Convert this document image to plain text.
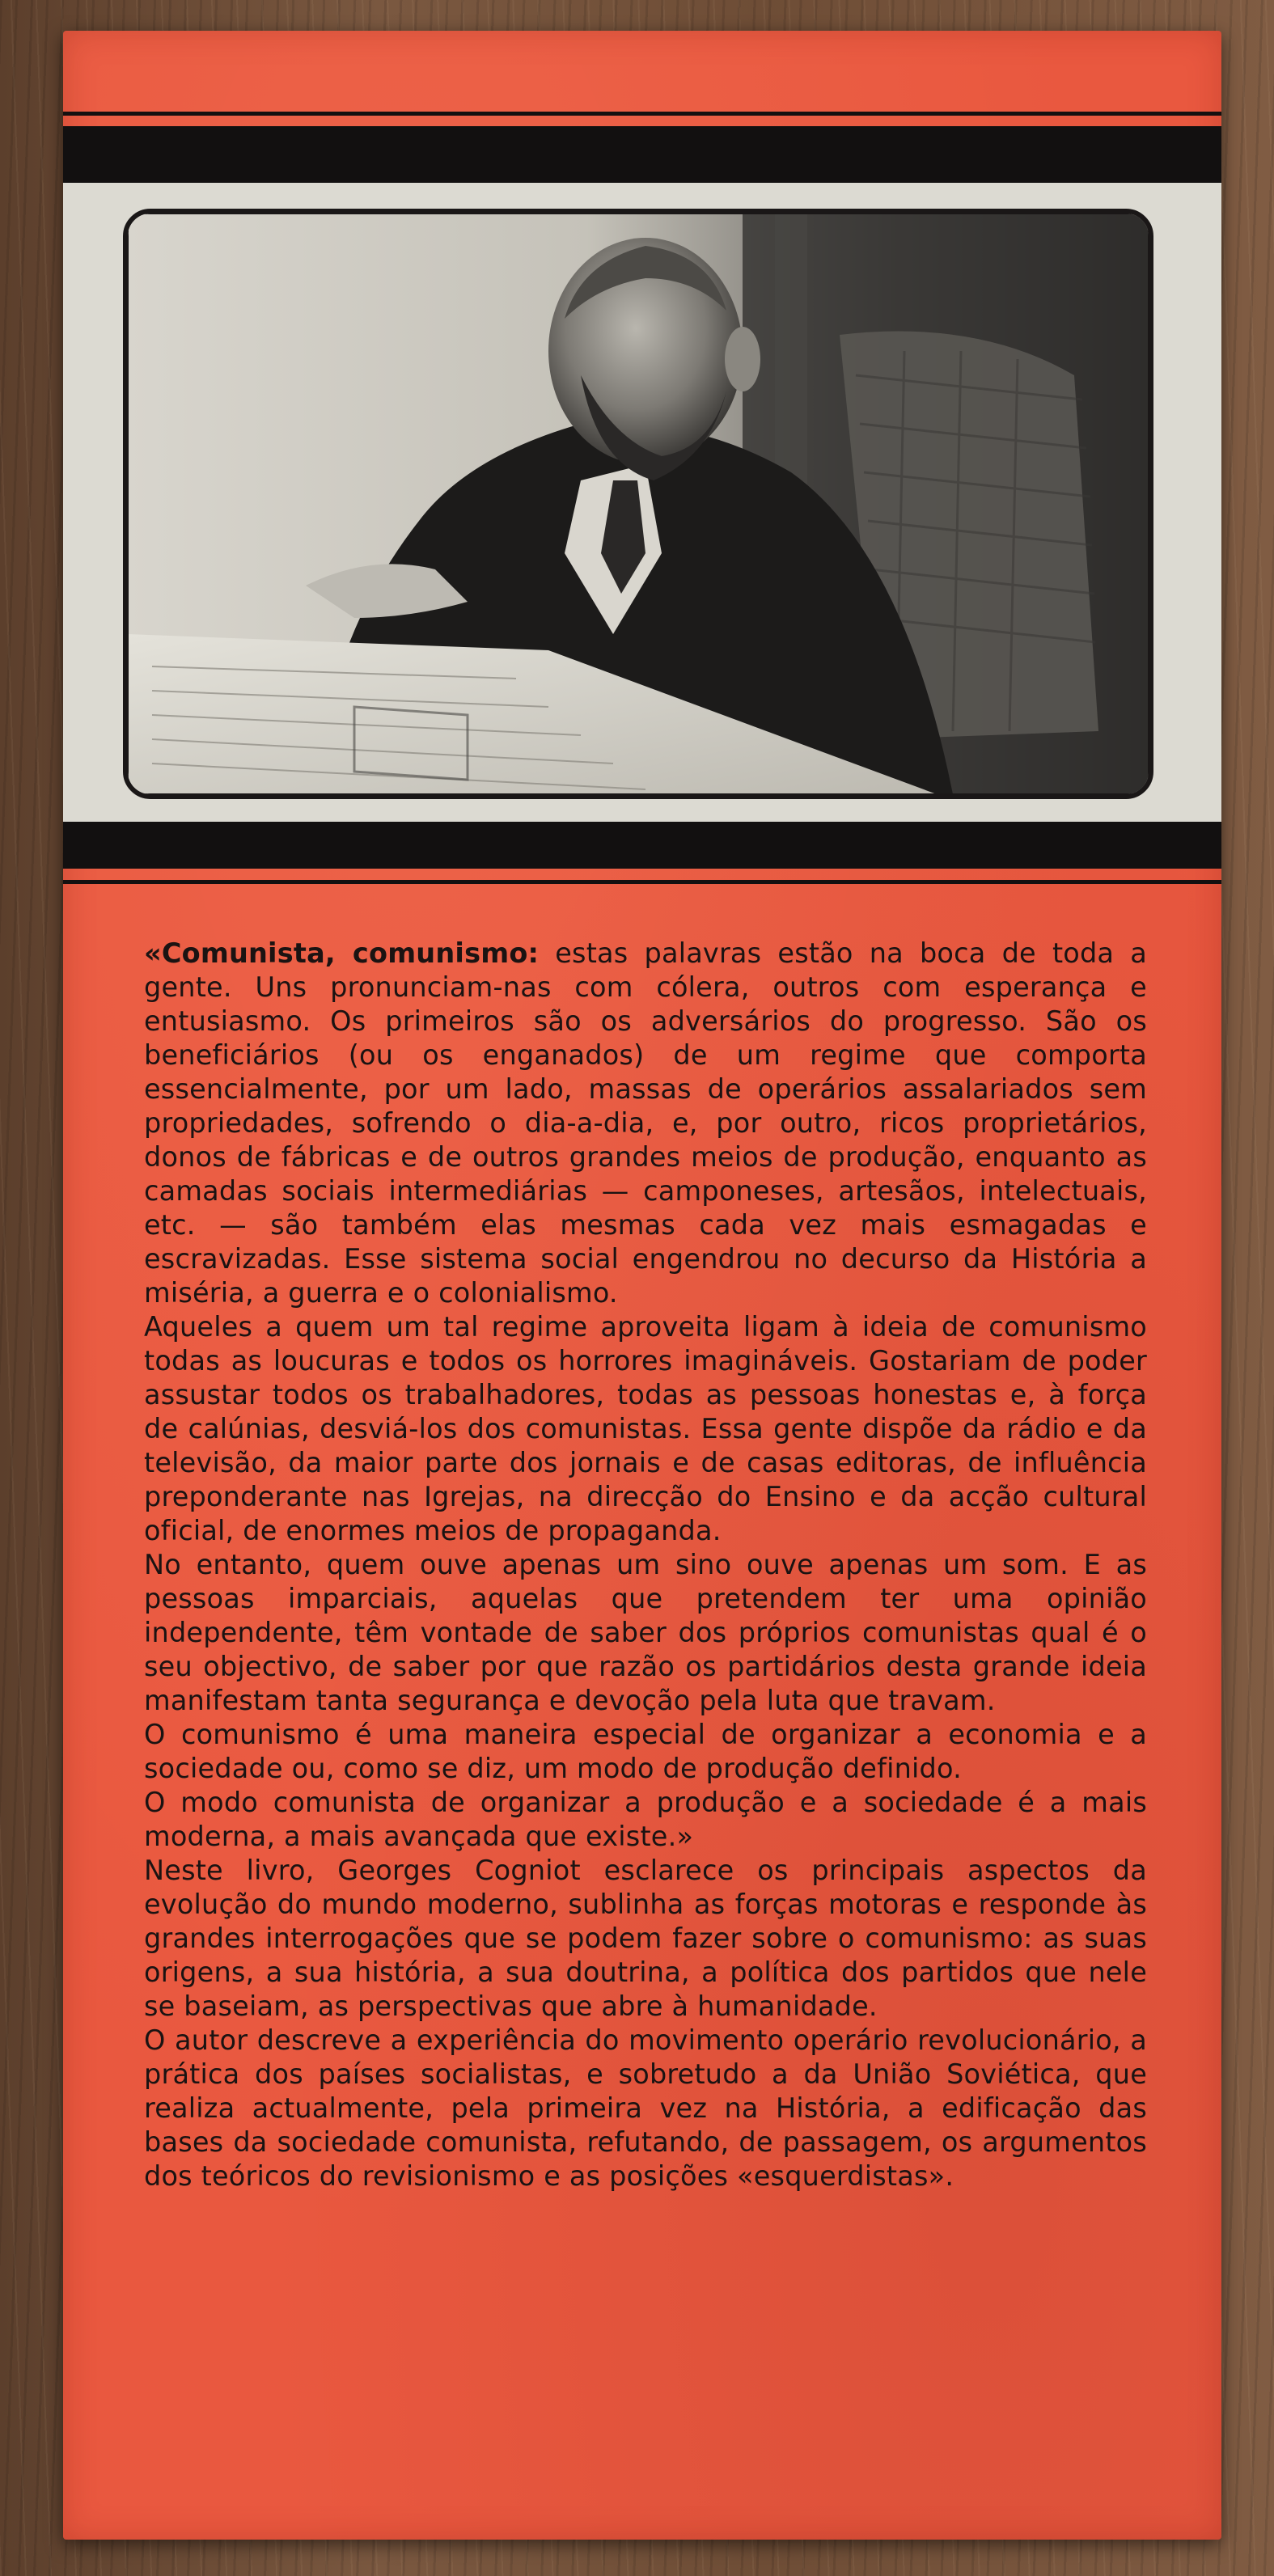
«Comunista, comunismo: estas palavras estão na boca de toda a gente. Uns pronunciam-nas com cólera, outros com esperança e entusiasmo. Os primeiros são os adversários do progresso. São os beneficiários (ou os enganados) de um regime que comporta essencialmente, por um lado, massas de operários assalariados sem propriedades, sofrendo o dia-a-dia, e, por outro, ricos proprietários, donos de fábricas e de outros grandes meios de produção, enquanto as camadas sociais intermediárias — camponeses, artesãos, intelectuais, etc. — são também elas mesmas cada vez mais esmagadas e escravizadas. Esse sistema social engendrou no decurso da História a miséria, a guerra e o colonialismo.

Aqueles a quem um tal regime aproveita ligam à ideia de comunismo todas as loucuras e todos os horrores imagináveis. Gostariam de poder assustar todos os trabalhadores, todas as pessoas honestas e, à força de calúnias, desviá-los dos comunistas. Essa gente dispõe da rádio e da televisão, da maior parte dos jornais e de casas editoras, de influência preponderante nas Igrejas, na direcção do Ensino e da acção cultural oficial, de enormes meios de propaganda.

No entanto, quem ouve apenas um sino ouve apenas um som. E as pessoas imparciais, aquelas que pretendem ter uma opinião independente, têm vontade de saber dos próprios comunistas qual é o seu objectivo, de saber por que razão os partidários desta grande ideia manifestam tanta segurança e devoção pela luta que travam.

O comunismo é uma maneira especial de organizar a economia e a sociedade ou, como se diz, um modo de produção definido.

O modo comunista de organizar a produção e a sociedade é a mais moderna, a mais avançada que existe.»

Neste livro, Georges Cogniot esclarece os principais aspectos da evolução do mundo moderno, sublinha as forças motoras e responde às grandes interrogações que se podem fazer sobre o comunismo: as suas origens, a sua história, a sua doutrina, a política dos partidos que nele se baseiam, as perspectivas que abre à humanidade.

O autor descreve a experiência do movimento operário revolucionário, a prática dos países socialistas, e sobretudo a da União Soviética, que realiza actualmente, pela primeira vez na História, a edificação das bases da sociedade comunista, refutando, de passagem, os argumentos dos teóricos do revisionismo e as posições «esquerdistas».
